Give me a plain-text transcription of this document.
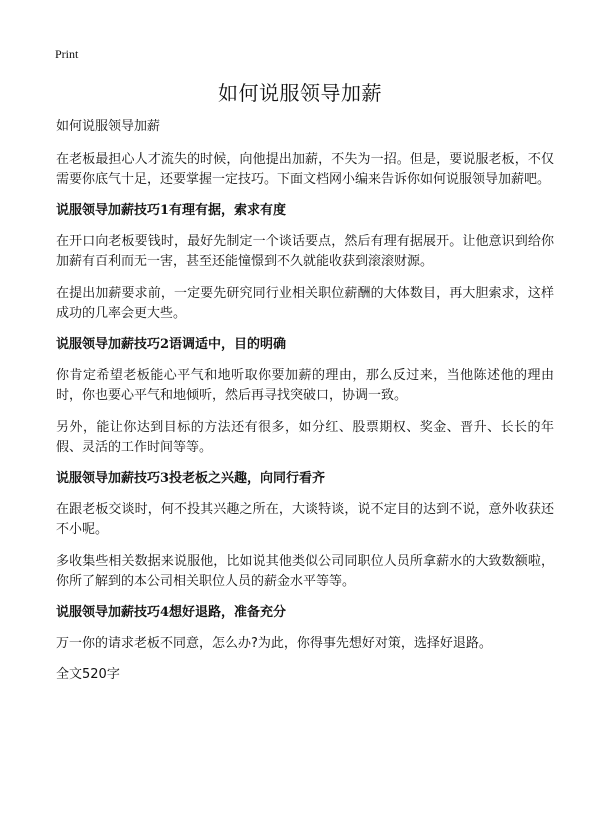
Print
如何说服领导加薪

如何说服领导加薪

在老板最担心人才流失的时候，向他提出加薪，不失为一招。但是，要说服老板，不仅需要你底气十足，还要掌握一定技巧。下面文档网小编来告诉你如何说服领导加薪吧。

说服领导加薪技巧1有理有据，索求有度

在开口向老板要钱时，最好先制定一个谈话要点，然后有理有据展开。让他意识到给你加薪有百利而无一害，甚至还能憧憬到不久就能收获到滚滚财源。

在提出加薪要求前，一定要先研究同行业相关职位薪酬的大体数目，再大胆索求，这样成功的几率会更大些。

说服领导加薪技巧2语调适中，目的明确

你肯定希望老板能心平气和地听取你要加薪的理由，那么反过来，当他陈述他的理由时，你也要心平气和地倾听，然后再寻找突破口，协调一致。

另外，能让你达到目标的方法还有很多，如分红、股票期权、奖金、晋升、长长的年假、灵活的工作时间等等。

说服领导加薪技巧3投老板之兴趣，向同行看齐

在跟老板交谈时，何不投其兴趣之所在，大谈特谈，说不定目的达到不说，意外收获还不小呢。

多收集些相关数据来说服他，比如说其他类似公司同职位人员所拿薪水的大致数额啦，你所了解到的本公司相关职位人员的薪金水平等等。

说服领导加薪技巧4想好退路，准备充分

万一你的请求老板不同意，怎么办?为此，你得事先想好对策，选择好退路。

全文520字
